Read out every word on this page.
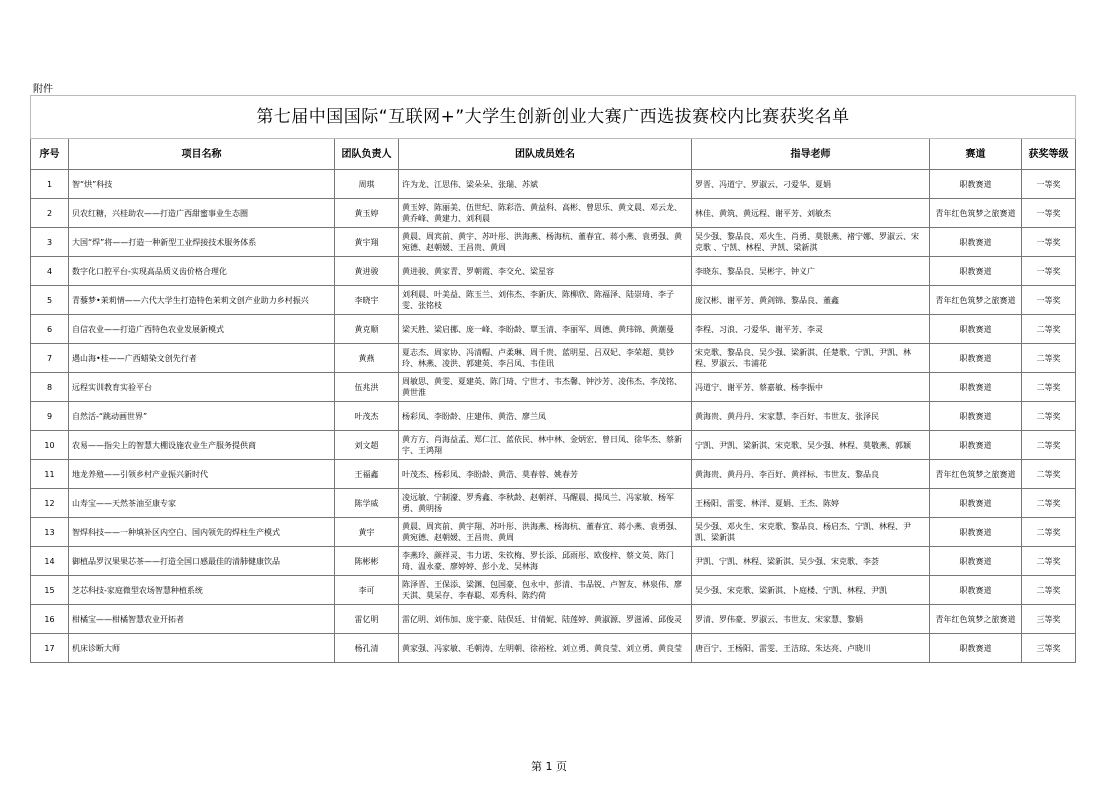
附件
第七届中国国际“互联网+”大学生创新创业大赛广西选拔赛校内比赛获奖名单						
序号	项目名称	团队负责人	团队成员姓名	指导老师	赛道	获奖等级
1	智“烘”科技	周琪	许为龙、江思伟、梁朵朵、张瑞、苏斌	罗晋、冯道宁、罗淑云、刁爱华、夏娟	职教赛道	一等奖
2	贝农红糖，兴桂助农——打造广西甜蜜事业生态圈	黄玉婷	黄玉婷、陈丽美、伍世纪、陈彩浩、黄益科、高彬、曾思乐、黄文晨、邓云龙、黄乔峰、黄建力、刘利晨	林佳、黄筑、黄远程、谢平芳、刘敏杰	青年红色筑梦之旅赛道	一等奖
3	大国“焊”将——打造一种新型工业焊接技术服务体系	黄宇翔	黄晨、周宾前、黄宇、苏叶彤、洪海燕、杨海杭、董春宜、蒋小燕、袁勇强、黄宛德、赵朝媛、王昌贵、黄周	吴少强、黎品良、邓火生、肖勇、莫银燕、褚宁娜、罗淑云、宋克歌 、宁凯、林程、尹凯、梁新淇	职教赛道	一等奖
4	数字化口腔平台-实现高品质义齿价格合理化	黄进骏	黄进骏、黄家青、罗朝霞、李交允、梁星容	李晓东、黎品良、吴彬宇、钟义广	职教赛道	一等奖
5	青藜梦•茉莉情——六代大学生打造特色茉莉文创产业助力乡村振兴	李晓宇	刘利晨、叶美益、陈玉兰、刘伟杰、李新庆、陈柳欣、陈福泽、陆崇琦、李子雯、张铭枝	庞汉彬、谢平芳、黄剑锦、黎品良、董鑫	青年红色筑梦之旅赛道	一等奖
6	自信农业——打造广西特色农业发展新模式	黄克顺	梁天胜、梁启挪、庞一峰、李盼龄、覃玉清、李丽军、周德、黄玮锦、黄潮曼	李程、习浪、刁爱华、谢平芳、李灵	职教赛道	二等奖
7	遇山海•桂——广西蜡染文创先行者	黄燕	夏志杰、周家协、冯清帽、卢柔琳、周千贵、蓝明星、吕双妃、李荣超、莫钞玲、林燕、凌洪、郭建英、李吕凤、韦佳讯	宋克歌、黎品良、吴少强、梁新淇、任楚歌、宁凯、尹凯、林程、罗淑云、韦浦花	职教赛道	二等奖
8	远程实训教育实验平台	伍兆洪	周敏思、黄雯、夏建英、陈门琦、宁世才、韦杰馨、钟沙芳、凌伟杰、李茂铭、黄世淮	冯道宁、谢平芳、蔡嘉敏、杨李振中	职教赛道	二等奖
9	自然活-“跳动画世界”	叶茂杰	杨彩凤、李盼龄、庄建伟、黄浩、廖兰凤	黄海贵、黄丹丹、宋家慧、李百好、韦世友、张泽民	职教赛道	二等奖
10	农易——指尖上的智慧大棚设施农业生产服务提供商	刘文超	黄方方、肖海益孟、郑仁江、蓝依民、林中林、金炳宏、曾日凤、徐华杰、蔡新宇、王鸿翔	宁凯、尹凯、梁新淇、宋克歌、吴少强、林程、莫敬燕、郭颖	职教赛道	二等奖
11	地龙养殖——引领乡村产业振兴新时代	王福鑫	叶茂杰、杨彩凤、李盼龄、黄浩、莫春蓉、姚春芳	黄海贵、黄丹丹、李百好、黄祥标、韦世友、黎品良	青年红色筑梦之旅赛道	二等奖
12	山寿宝——天然茶油至康专家	陈学威	凌远敏、宁制濠、罗秀鑫、李秋龄、赵朝祥、马醒晨、揭凤兰、冯家敏、杨军勇、黄明扬	王杨阳、雷雯、林洋、夏娟、王杰、陈婷	职教赛道	二等奖
13	智焊科技——一种填补区内空白、国内领先的焊柱生产模式	黄宇	黄晨、周宾前、黄宇翔、苏叶彤、洪海燕、杨海杭、董春宜、蒋小燕、袁勇强、黄宛德、赵朝媛、王昌贵、黄周	吴少强、邓火生、宋克歌、黎品良、杨启杰、宁凯、林程、尹凯、梁新淇	职教赛道	二等奖
14	御植品罗汉果果芯茶——打造全国口感最佳的清肺健康饮品	陈彬彬	李燕玲、颜祥灵、韦力诺、朱钦梅、罗长添、邱雨彤、欧俊梓、蔡文英、陈门琦、温永豪、廖婷婷、彭小龙、吴林海	尹凯、宁凯、林程、梁新淇、吴少强、宋克歌、李荟	职教赛道	二等奖
15	芝芯科技-家庭微型农场智慧种植系统	李可	陈泽晋、王保添、梁渊、包国豪、包永中、彭清、韦品锐、卢智友、林泉伟、廖天淇、莫呆存、李春聪、邓秀科、陈约荷	吴少强、宋克歌、梁新淇、卜庭楼、宁凯、林程、尹凯	职教赛道	二等奖
16	柑橘宝——柑橘智慧农业开拓者	雷亿明	雷亿明、刘伟加、庞宇豪、陆俣廷、甘倩妮、陆莲婷、黄淑源、罗滋浠、邱俊灵	罗清、罗伟豪、罗淑云、韦世友、宋家慧、黎娟	青年红色筑梦之旅赛道	三等奖
17	机床诊断大师	杨孔清	黄家强、冯家敏、毛朝涛、左明朝、徐裕栓、刘立勇、黄良莹、刘立勇、黄良莹	唐百宁、王杨阳、雷雯、王洁琼、朱达亮、卢晓川	职教赛道	三等奖
第 1 页
